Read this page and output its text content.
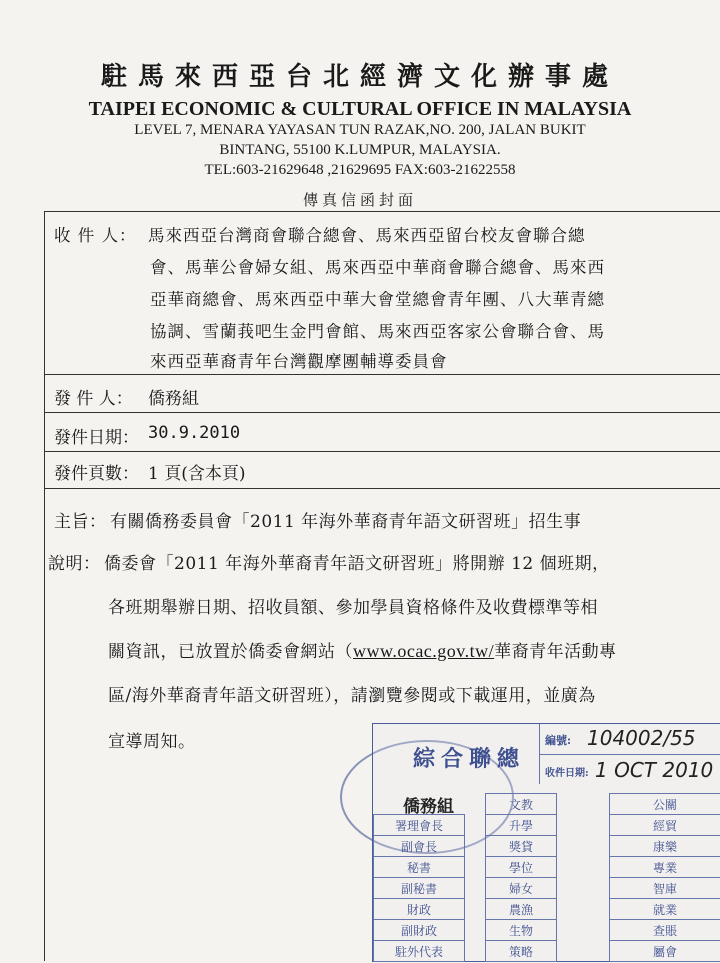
駐馬來西亞台北經濟文化辦事處
TAIPEI ECONOMIC & CULTURAL OFFICE IN MALAYSIA
LEVEL 7, MENARA YAYASAN TUN RAZAK,NO. 200, JALAN BUKIT
BINTANG, 55100 K.LUMPUR, MALAYSIA.
TEL:603-21629648 ,21629695 FAX:603-21622558
傳真信函封面
收 件 人： 馬來西亞台灣商會聯合總會、馬來西亞留台校友會聯合總
會、馬華公會婦女組、馬來西亞中華商會聯合總會、馬來西
亞華商總會、馬來西亞中華大會堂總會青年團、八大華青總
協調、雪蘭莪吧生金門會館、馬來西亞客家公會聯合會、馬
來西亞華裔青年台灣觀摩團輔導委員會
發 件 人： 僑務組
發件日期： 30.9.2010
發件頁數： 1 頁(含本頁)
主旨： 有關僑務委員會「2011 年海外華裔青年語文研習班」招生事
說明： 僑委會「2011 年海外華裔青年語文研習班」將開辦 12 個班期，
各班期舉辦日期、招收員額、參加學員資格條件及收費標準等相
關資訊，已放置於僑委會網站（www.ocac.gov.tw/華裔青年活動專
區/海外華裔青年語文研習班），請瀏覽參閱或下載運用，並廣為
宣導周知。
綜合聯總
編號: 104002/55
收件日期: 1 OCT 2010
僑務組
署理會長
副會長
秘書
副秘書
財政
副財政
駐外代表
文教
升學
獎貸
學位
婦女
農漁
生物
策略
公關
經貿
康樂
專業
智庫
就業
查賬
屬會
